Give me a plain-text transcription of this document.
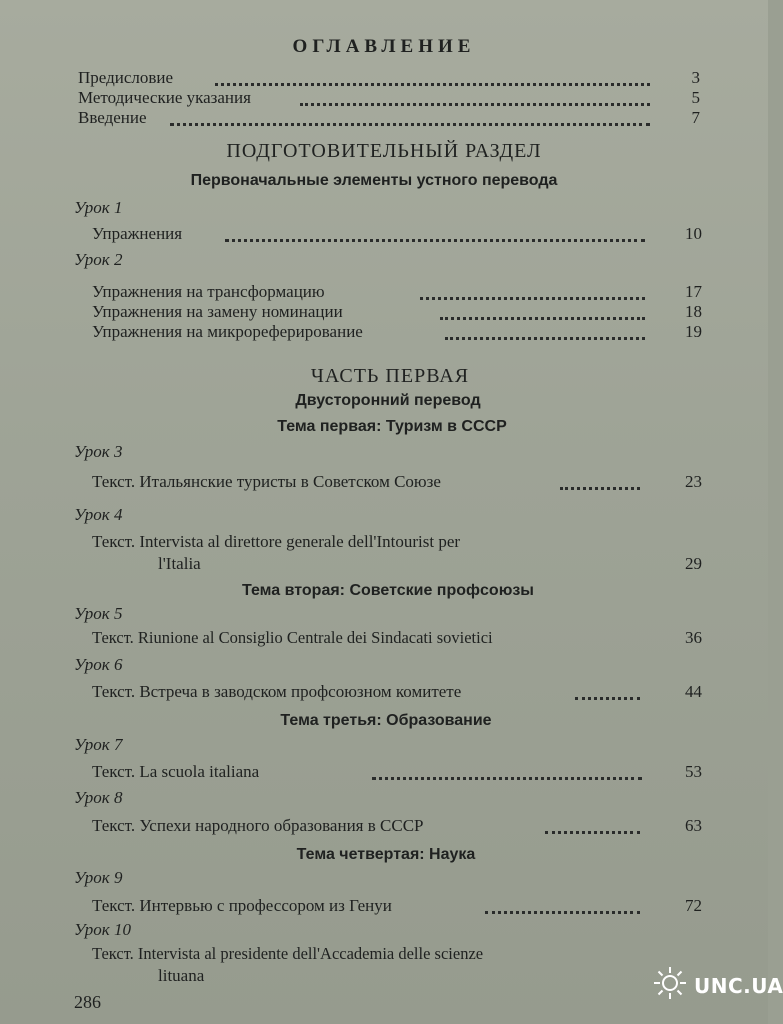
ОГЛАВЛЕНИЕ
Предисловие	3
Методические указания	5
Введение	7
ПОДГОТОВИТЕЛЬНЫЙ РАЗДЕЛ
Первоначальные элементы устного перевода
Урок 1
Упражнения	10
Урок 2
Упражнения на трансформацию	17
Упражнения на замену номинации	18
Упражнения на микрореферирование	19
ЧАСТЬ ПЕРВАЯ
Двусторонний перевод
Тема первая: Туризм в СССР
Урок 3
Текст. Итальянские туристы в Советском Союзе	23
Урок 4
Текст. Intervista al direttore generale dell'Intourist per
l'Italia	29
Тема вторая: Советские профсоюзы
Урок 5
Текст. Riunione al Consiglio Centrale dei Sindacati sovietici	36
Урок 6
Текст. Встреча в заводском профсоюзном комитете	44
Тема третья: Образование
Урок 7
Текст. La scuola italiana	53
Урок 8
Текст. Успехи народного образования в СССР	63
Тема четвертая: Наука
Урок 9
Текст. Интервью с профессором из Генуи	72
Урок 10
Текст. Intervista al presidente dell'Accademia delle scienze
lituana
286
UNC.UA
